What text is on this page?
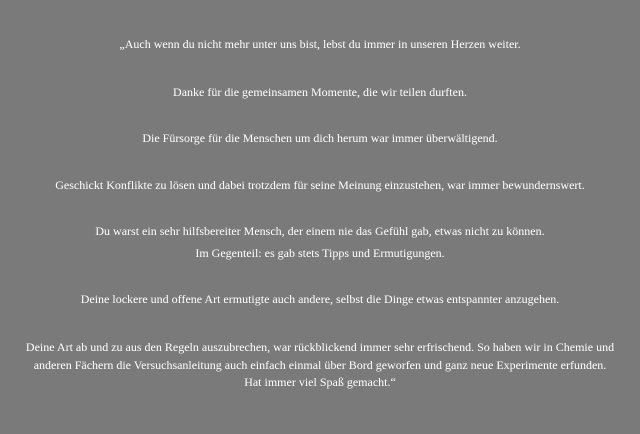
„Auch wenn du nicht mehr unter uns bist, lebst du immer in unseren Herzen weiter.

Danke für die gemeinsamen Momente, die wir teilen durften.

Die Fürsorge für die Menschen um dich herum war immer überwältigend.

Geschickt Konflikte zu lösen und dabei trotzdem für seine Meinung einzustehen, war immer bewundernswert.

Du warst ein sehr hilfsbereiter Mensch, der einem nie das Gefühl gab, etwas nicht zu können.

Im Gegenteil: es gab stets Tipps und Ermutigungen.

Deine lockere und offene Art ermutigte auch andere, selbst die Dinge etwas entspannter anzugehen.

Deine Art ab und zu aus den Regeln auszubrechen, war rückblickend immer sehr erfrischend. So haben wir in Chemie und anderen Fächern die Versuchsanleitung auch einfach einmal über Bord geworfen und ganz neue Experimente erfunden. Hat immer viel Spaß gemacht.“
